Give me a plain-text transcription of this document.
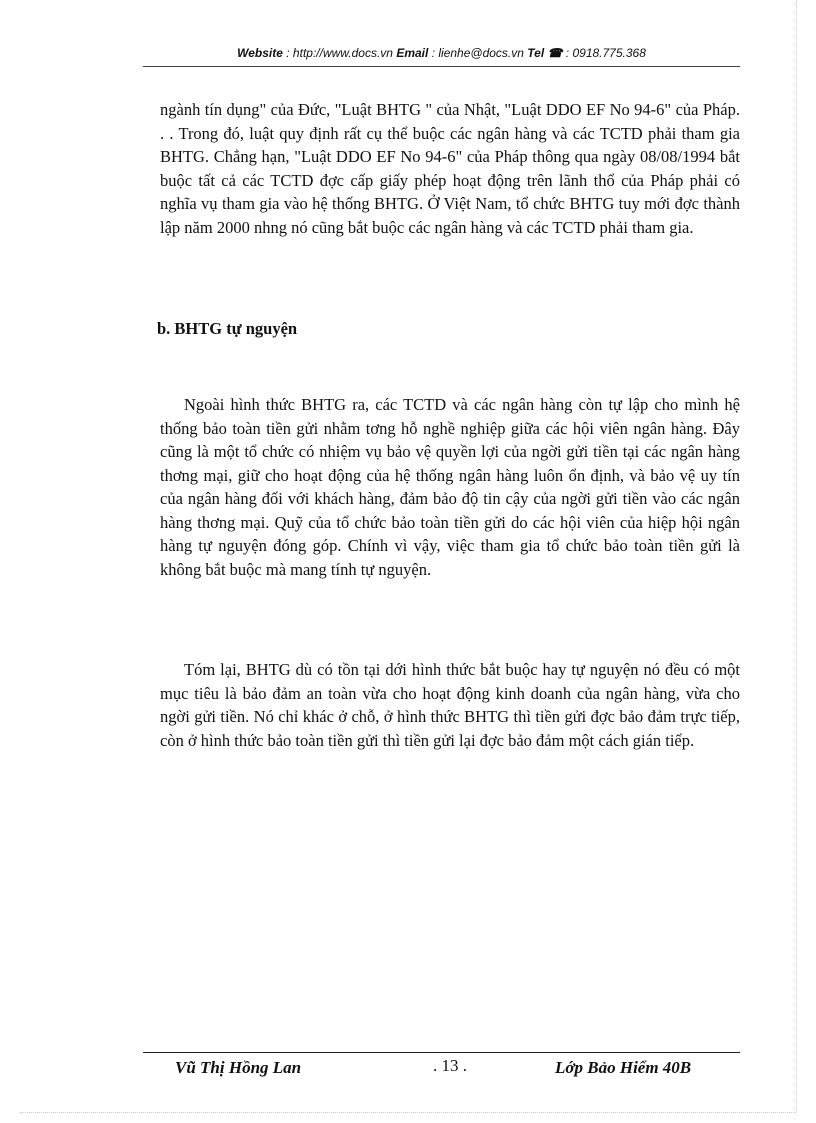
Website : http://www.docs.vn Email : lienhe@docs.vn Tel ☎ : 0918.775.368

ngành tín dụng" của Đức, "Luật BHTG " của Nhật, "Luật DDO EF No 94-6" của Pháp. . . Trong đó, luật quy định rất cụ thể buộc các ngân hàng và các TCTD phải tham gia BHTG. Chẳng hạn, "Luật DDO EF No 94-6" của Pháp thông qua ngày 08/08/1994 bắt buộc tất cả các TCTD đợc cấp giấy phép hoạt động trên lãnh thổ của Pháp phải có nghĩa vụ tham gia vào hệ thống BHTG. Ở Việt Nam, tổ chức BHTG tuy mới đợc thành lập năm 2000 nhng nó cũng bắt buộc các ngân hàng và các TCTD phải tham gia.

b. BHTG tự nguyện

Ngoài hình thức BHTG ra, các TCTD và các ngân hàng còn tự lập cho mình hệ thống bảo toàn tiền gửi nhằm tơng hỗ nghề nghiệp giữa các hội viên ngân hàng. Đây cũng là một tổ chức có nhiệm vụ bảo vệ quyền lợi của ngời gửi tiền tại các ngân hàng thơng mại, giữ cho hoạt động của hệ thống ngân hàng luôn ổn định, và bảo vệ uy tín của ngân hàng đối với khách hàng, đảm bảo độ tin cậy của ngời gửi tiền vào các ngân hàng thơng mại. Quỹ của tổ chức bảo toàn tiền gửi do các hội viên của hiệp hội ngân hàng tự nguyện đóng góp. Chính vì vậy, việc tham gia tổ chức bảo toàn tiền gửi là không bắt buộc mà mang tính tự nguyện.

Tóm lại, BHTG dù có tồn tại dới hình thức bắt buộc hay tự nguyện nó đều có một mục tiêu là bảo đảm an toàn vừa cho hoạt động kinh doanh của ngân hàng, vừa cho ngời gửi tiền. Nó chỉ khác ở chỗ, ở hình thức BHTG thì tiền gửi đợc bảo đảm trực tiếp, còn ở hình thức bảo toàn tiền gửi thì tiền gửi lại đợc bảo đảm một cách gián tiếp.

Vũ Thị Hồng Lan	. 13 .	Lớp Bảo Hiểm 40B
